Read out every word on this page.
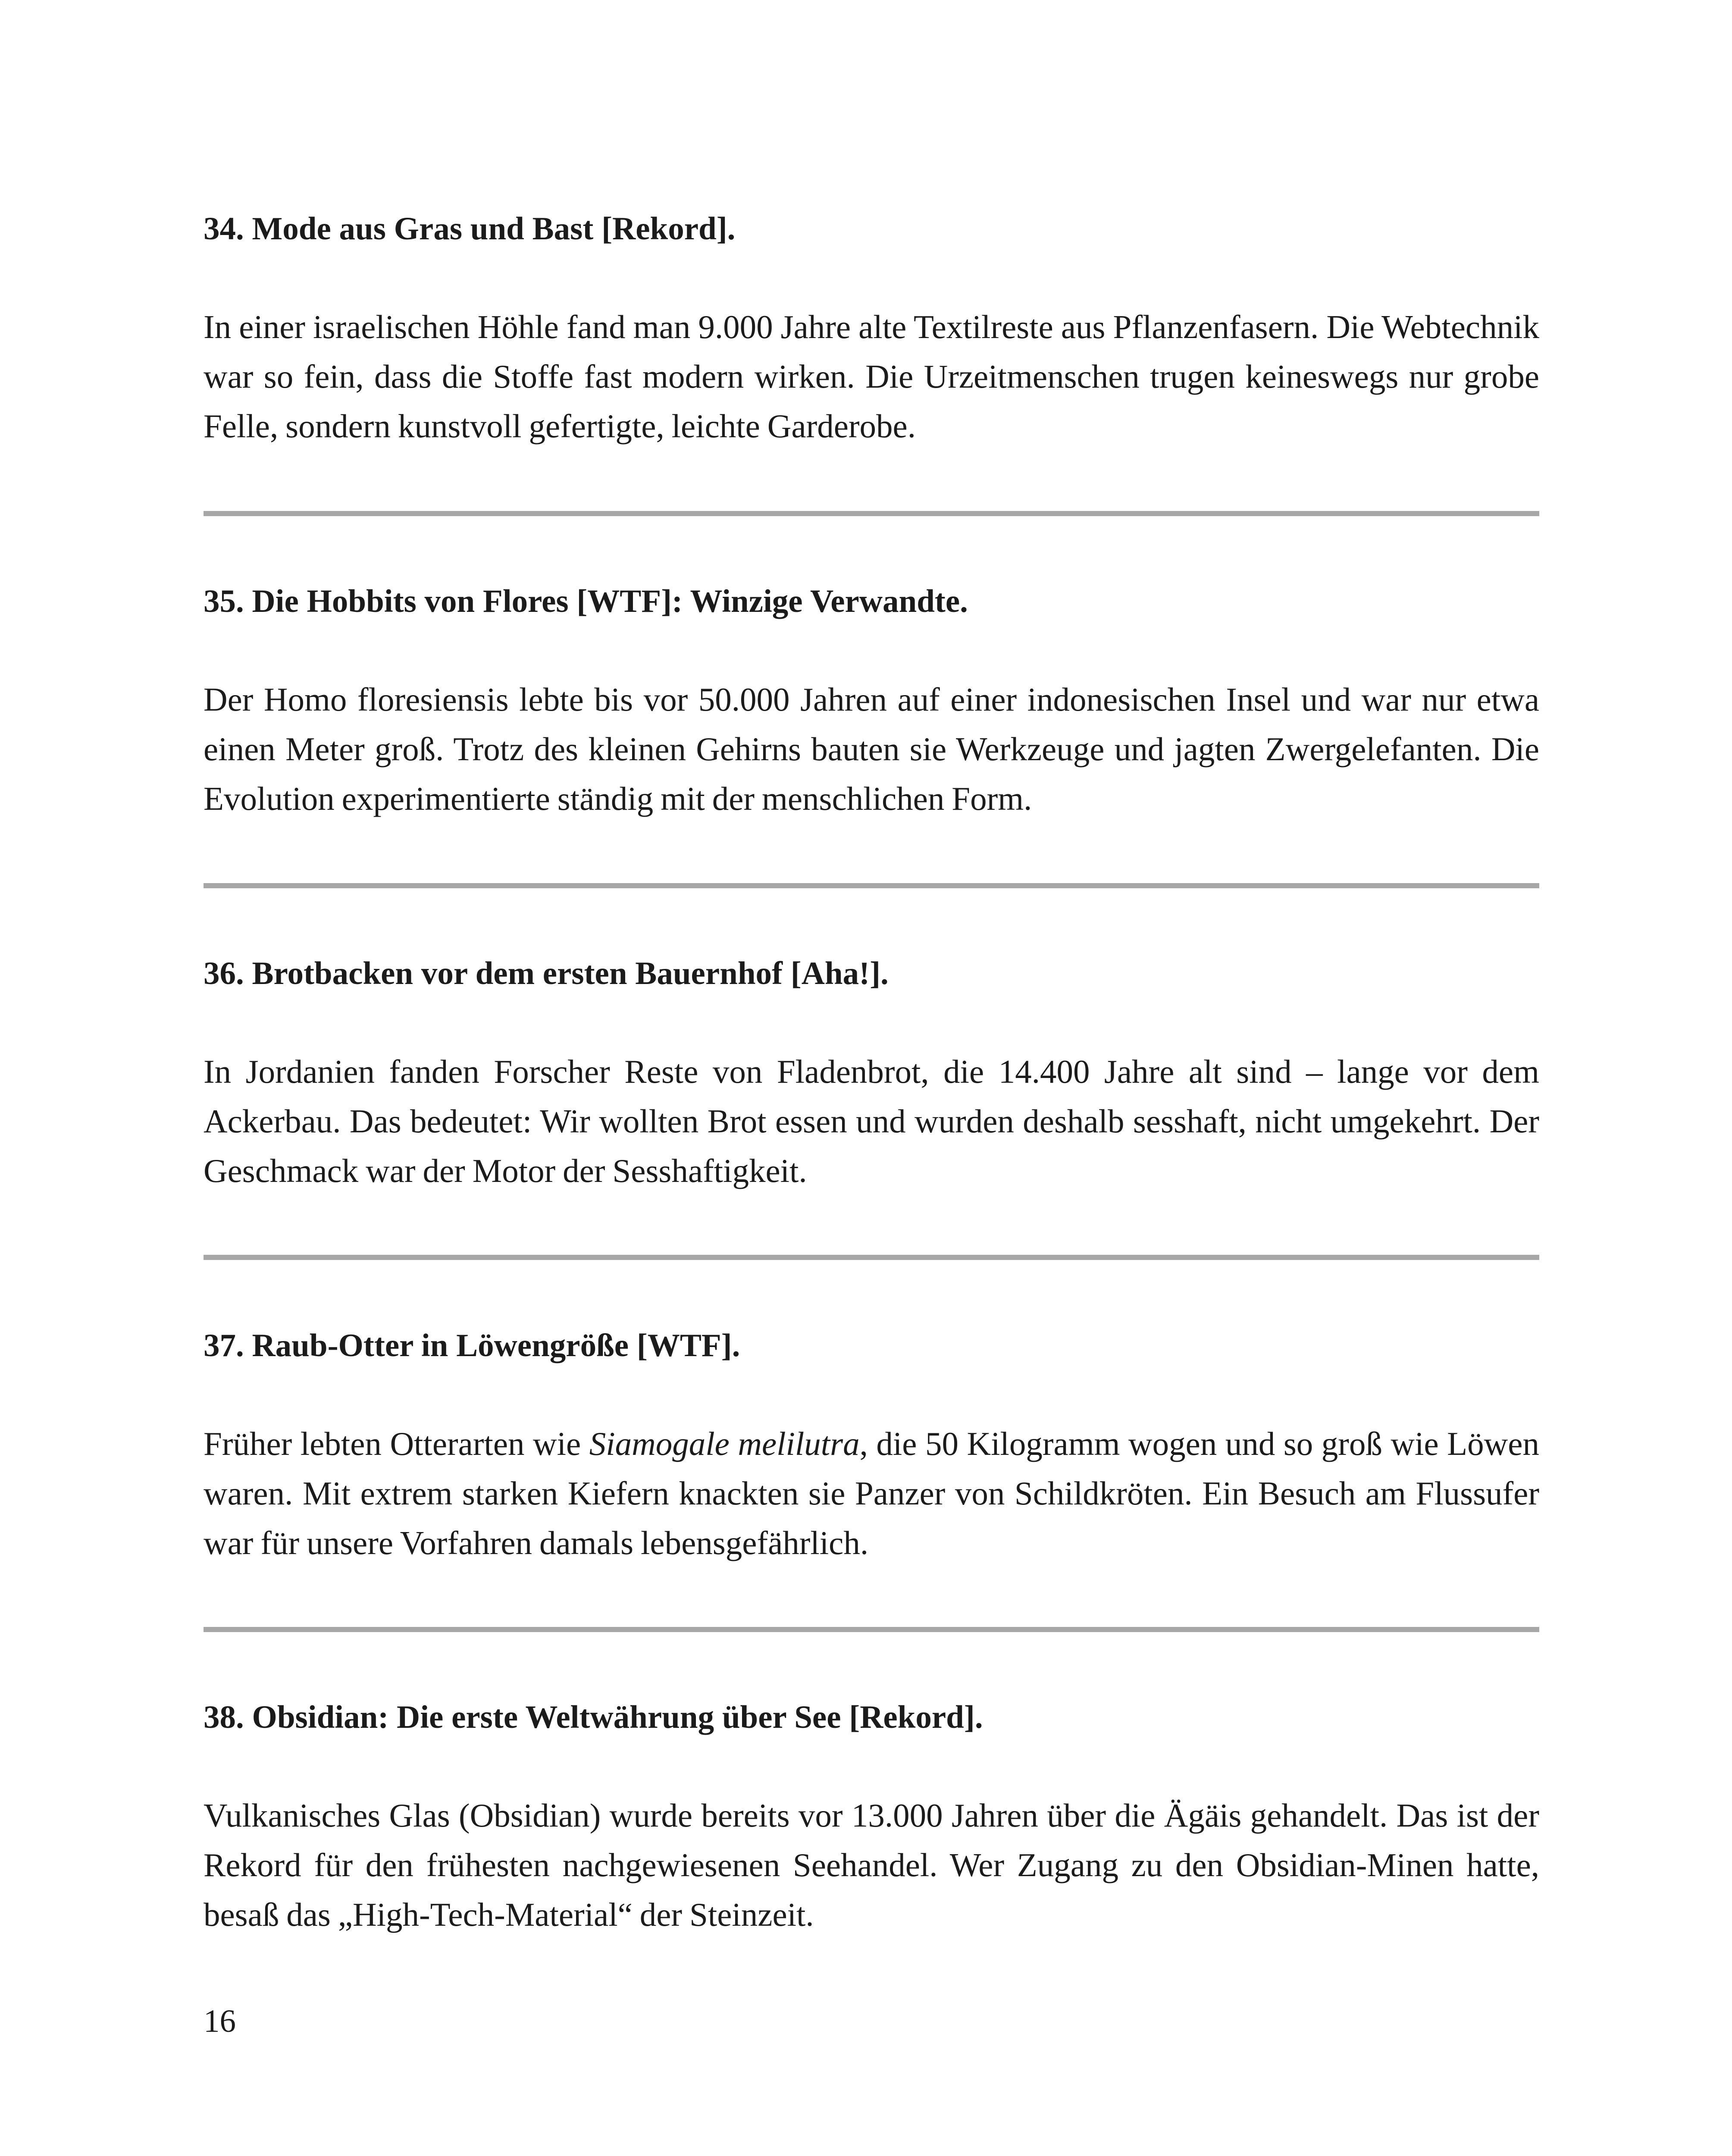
34. Mode aus Gras und Bast [Rekord].

In einer israelischen Höhle fand man 9.000 Jahre alte Textilreste aus Pflanzenfasern. Die Webtechnik war so fein, dass die Stoffe fast modern wirken. Die Urzeitmenschen trugen keineswegs nur grobe Felle, sondern kunstvoll gefertigte, leichte Garderobe.

35. Die Hobbits von Flores [WTF]: Winzige Verwandte.

Der Homo floresiensis lebte bis vor 50.000 Jahren auf einer indonesischen Insel und war nur etwa einen Meter groß. Trotz des kleinen Gehirns bauten sie Werkzeuge und jagten Zwergelefanten. Die Evolution experimentierte ständig mit der menschlichen Form.

36. Brotbacken vor dem ersten Bauernhof [Aha!].

In Jordanien fanden Forscher Reste von Fladenbrot, die 14.400 Jahre alt sind – lange vor dem Ackerbau. Das bedeutet: Wir wollten Brot essen und wurden deshalb sesshaft, nicht umgekehrt. Der Geschmack war der Motor der Sesshaftigkeit.

37. Raub-Otter in Löwengröße [WTF].

Früher lebten Otterarten wie Siamogale melilutra, die 50 Kilogramm wogen und so groß wie Löwen waren. Mit extrem starken Kiefern knackten sie Panzer von Schildkröten. Ein Besuch am Flussufer war für unsere Vorfahren damals lebensgefährlich.

38. Obsidian: Die erste Weltwährung über See [Rekord].

Vulkanisches Glas (Obsidian) wurde bereits vor 13.000 Jahren über die Ägäis gehandelt. Das ist der Rekord für den frühesten nachgewiesenen Seehandel. Wer Zugang zu den Obsidian-Minen hatte, besaß das „High-Tech-Material“ der Steinzeit.

16
